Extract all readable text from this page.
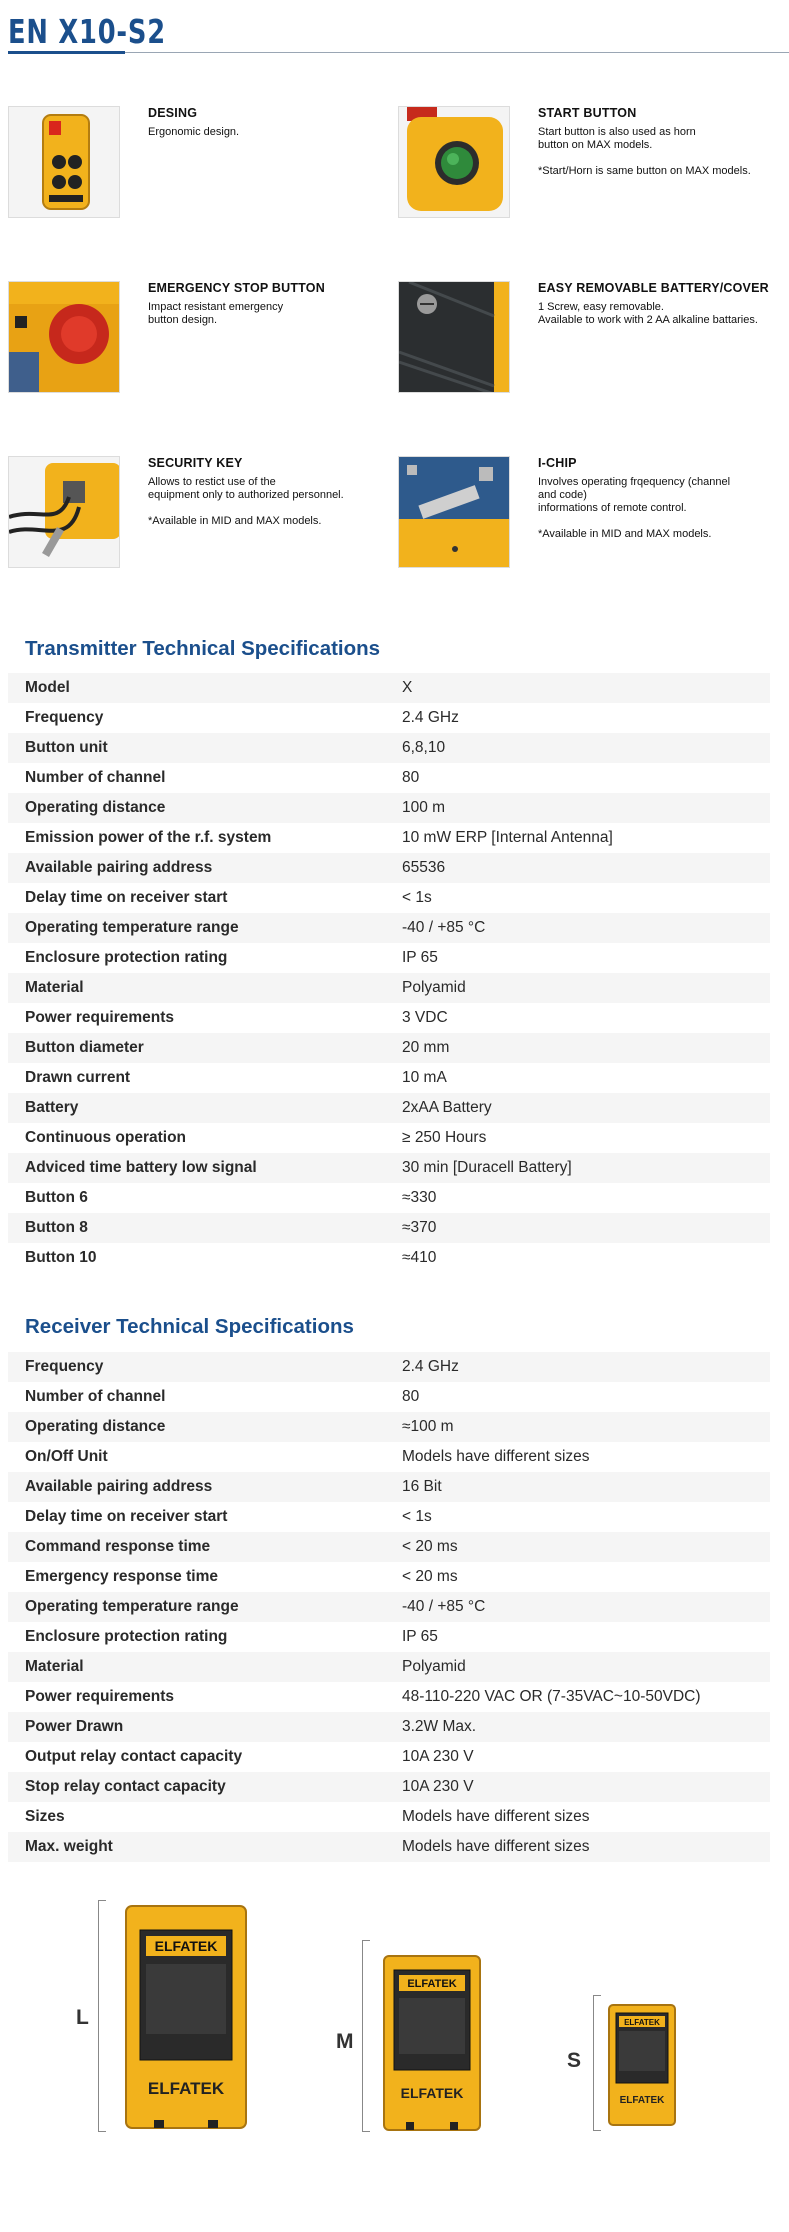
EN X10-S2
DESING
Ergonomic design.
START BUTTON
Start button is also used as horn
button on MAX models.

*Start/Horn is same button on MAX models.
EMERGENCY STOP BUTTON
Impact resistant emergency
button design.
EASY REMOVABLE BATTERY/COVER
1 Screw, easy removable.
Available to work with 2 AA alkaline battaries.
SECURITY KEY
Allows to restict use of the
equipment only to authorized personnel.

*Available in MID and MAX models.
I-CHIP
Involves operating frqequency (channel
and code)
informations of remote control.

*Available in MID and MAX models.
Transmitter Technical Specifications
Model	X
Frequency	2.4 GHz
Button unit	6,8,10
Number of channel	80
Operating distance	100 m
Emission power of the r.f. system	10 mW ERP [Internal Antenna]
Available pairing address	65536
Delay time on receiver start	< 1s
Operating temperature range	-40 / +85 °C
Enclosure protection rating	IP 65
Material	Polyamid
Power requirements	3 VDC
Button diameter	20 mm
Drawn current	10 mA
Battery	2xAA Battery
Continuous operation	≥ 250 Hours
Adviced time battery low signal	30 min [Duracell Battery]
Button 6	≈330
Button 8	≈370
Button 10	≈410
Receiver Technical Specifications
Frequency	2.4 GHz
Number of channel	80
Operating distance	≈100 m
On/Off Unit	Models have different sizes
Available pairing address	16 Bit
Delay time on receiver start	< 1s
Command response time	< 20 ms
Emergency response time	< 20 ms
Operating temperature range	-40 / +85 °C
Enclosure protection rating	IP 65
Material	Polyamid
Power requirements	48-110-220 VAC OR (7-35VAC~10-50VDC)
Power Drawn	3.2W Max.
Output relay contact capacity	10A 230 V
Stop relay contact capacity	10A 230 V
Sizes	Models have different sizes
Max. weight	Models have different sizes
L
ELFATEK
ELFATEK
M
ELFATEK
ELFATEK
S
ELFATEK
ELFATEK
